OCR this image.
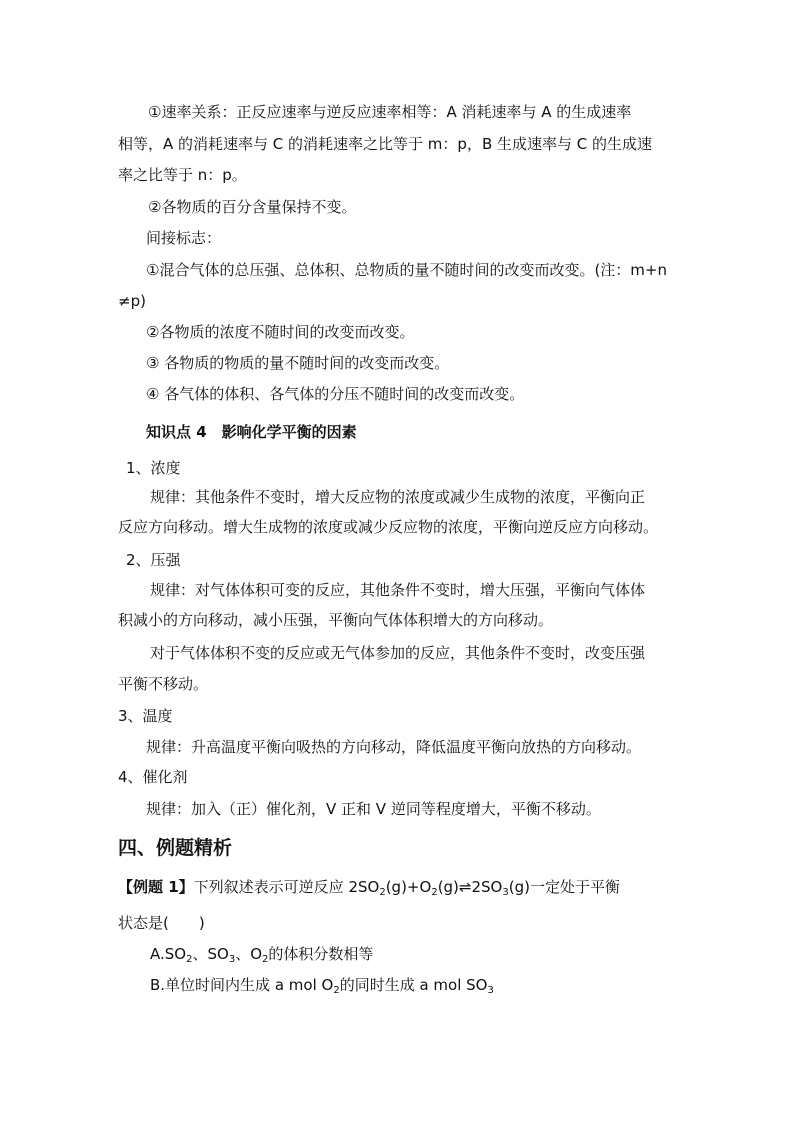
①速率关系：正反应速率与逆反应速率相等：A 消耗速率与 A 的生成速率
相等，A 的消耗速率与 C 的消耗速率之比等于 m：p，B 生成速率与 C 的生成速
率之比等于 n：p。
②各物质的百分含量保持不变。
间接标志：
①混合气体的总压强、总体积、总物质的量不随时间的改变而改变。(注：m+n
≠p)
②各物质的浓度不随时间的改变而改变。
③ 各物质的物质的量不随时间的改变而改变。
④ 各气体的体积、各气体的分压不随时间的改变而改变。
知识点 4　影响化学平衡的因素
1、浓度
规律：其他条件不变时，增大反应物的浓度或减少生成物的浓度，平衡向正
反应方向移动。增大生成物的浓度或减少反应物的浓度，平衡向逆反应方向移动。
2、压强
规律：对气体体积可变的反应，其他条件不变时，增大压强，平衡向气体体
积减小的方向移动，减小压强，平衡向气体体积增大的方向移动。
对于气体体积不变的反应或无气体参加的反应，其他条件不变时，改变压强
平衡不移动。
3、温度
规律：升高温度平衡向吸热的方向移动，降低温度平衡向放热的方向移动。
4、催化剂
规律：加入（正）催化剂，V 正和 V 逆同等程度增大，平衡不移动。
四、例题精析
【例题 1】下列叙述表示可逆反应 $2SO_2(g)+O_2(g)\rightleftharpoons 2SO_3(g)$一定处于平衡
状态是(　　)
$A.SO_2$、$SO_3$、$O_2$的体积分数相等
B.单位时间内生成 a mol $O_2$的同时生成 a mol $SO_3$
